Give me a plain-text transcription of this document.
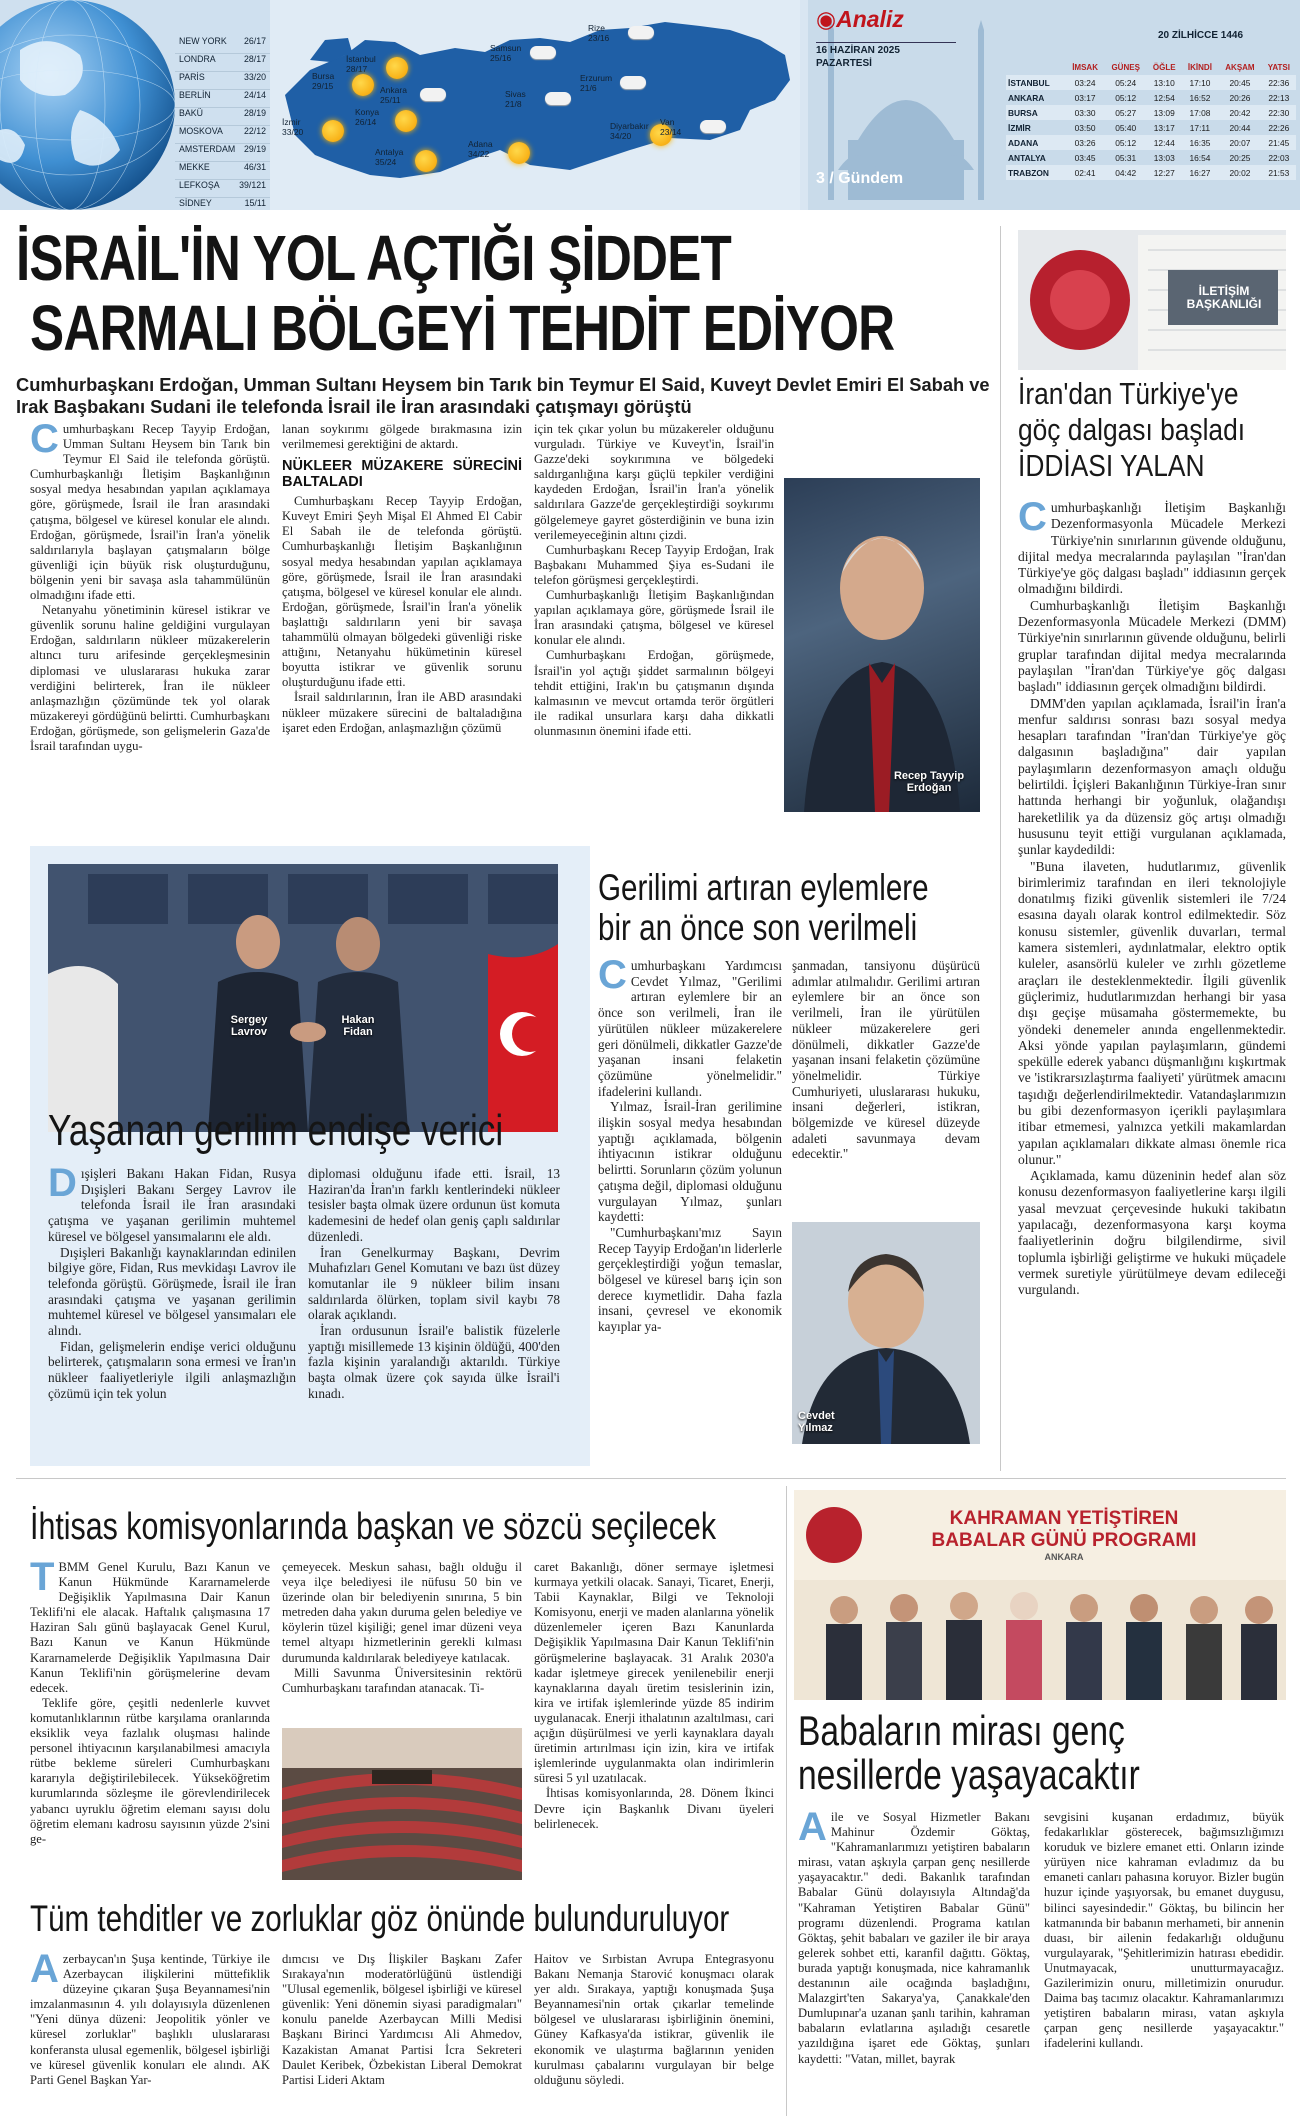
NEW YORK 26/17
LONDRA	28/17
PARİS	33/20
BERLİN	24/14
BAKÜ	28/19
MOSKOVA 22/12
AMSTERDAM 29/19
MEKKE	46/31
LEFKOŞA 39/121
SİDNEY	15/11
İstanbul
28/17
Bursa
29/15	Ankara
25/11
Konya
26/14
İzmir
33/20
Antalya
35/24
Samsun
25/16
Sivas
21/8
Adana
34/22
Rize
23/16
Erzurum
21/6
Diyarbakır
34/20
Van
23/14
◉Analiz
16 HAZİRAN 2025
PAZARTESİ
20 ZİLHİCCE 1446
3 / Gündem
	İMSAK	GÜNEŞ	ÖĞLE	İKİNDİ	AKŞAM	YATSI
İSTANBUL	03:24	05:24	13:10	17:10	20:45	22:36
ANKARA	03:17	05:12	12:54	16:52	20:26	22:13
BURSA	03:30	05:27	13:09	17:08	20:42	22:30
İZMİR	03:50	05:40	13:17	17:11	20:44	22:26
ADANA	03:26	05:12	12:44	16:35	20:07	21:45
ANTALYA	03:45	05:31	13:03	16:54	20:25	22:03
TRABZON	02:41	04:42	12:27	16:27	20:02	21:53
İSRAİL'İN YOL AÇTIĞI ŞİDDET
SARMALI BÖLGEYİ TEHDİT EDİYOR
Cumhurbaşkanı Erdoğan, Umman Sultanı Heysem bin Tarık bin Teymur El Said, Kuveyt Devlet Emiri El Sabah ve Irak Başbakanı Sudani ile telefonda İsrail ile İran arasındaki çatışmayı görüştü

Cumhurbaşkanı Recep Tayyip Erdoğan, Umman Sultanı Heysem bin Tarık bin Teymur El Said ile telefonda görüştü. Cumhurbaşkanlığı İletişim Başkanlığının sosyal medya hesabından yapılan açıklamaya göre, görüşmede, İsrail ile İran arasındaki çatışma, bölgesel ve küresel konular ele alındı. Erdoğan, görüşmede, İsrail'in İran'a yönelik saldırılarıyla başlayan çatışmaların bölge güvenliği için büyük risk oluşturduğunu, bölgenin yeni bir savaşa asla tahammülünün olmadığını ifade etti.

Netanyahu yönetiminin küresel istikrar ve güvenlik sorunu haline geldiğini vurgulayan Erdoğan, saldırıların nükleer müzakerelerin altıncı turu arifesinde gerçekleşmesinin diplomasi ve uluslararası hukuka zarar verdiğini belirterek, İran ile nükleer anlaşmazlığın çözümünde tek yol olarak müzakereyi gördüğünü belirtti. Cumhurbaşkanı Erdoğan, görüşmede, son gelişmelerin Gaza'de İsrail tarafından uygu-

lanan soykırımı gölgede bırakmasına izin verilmemesi gerektiğini de aktardı.

NÜKLEER MÜZAKERE SÜRECİNİ BALTALADI

Cumhurbaşkanı Recep Tayyip Erdoğan, Kuveyt Emiri Şeyh Mişal El Ahmed El Cabir El Sabah ile de telefonda görüştü. Cumhurbaşkanlığı İletişim Başkanlığının sosyal medya hesabından yapılan açıklamaya göre, görüşmede, İsrail ile İran arasındaki çatışma, bölgesel ve küresel konular ele alındı. Erdoğan, görüşmede, İsrail'in İran'a yönelik başlattığı saldırıların yeni bir savaşa tahammülü olmayan bölgedeki güvenliği riske attığını, Netanyahu hükümetinin küresel boyutta istikrar ve güvenlik sorunu oluşturduğunu ifade etti.

İsrail saldırılarının, İran ile ABD arasındaki nükleer müzakere sürecini de baltaladığına işaret eden Erdoğan, anlaşmazlığın çözümü

için tek çıkar yolun bu müzakereler olduğunu vurguladı. Türkiye ve Kuveyt'in, İsrail'in Gazze'deki soykırımına ve bölgedeki saldırganlığına karşı güçlü tepkiler verdiğini kaydeden Erdoğan, İsrail'in İran'a yönelik saldırılara Gazze'de gerçekleştirdiği soykırımı gölgelemeye gayret gösterdiğinin ve buna izin verilemeyeceğinin altını çizdi.

Cumhurbaşkanı Recep Tayyip Erdoğan, Irak Başbakanı Muhammed Şiya es-Sudani ile telefon görüşmesi gerçekleştirdi.

Cumhurbaşkanlığı İletişim Başkanlığından yapılan açıklamaya göre, görüşmede İsrail ile İran arasındaki çatışma, bölgesel ve küresel konular ele alındı.

Cumhurbaşkanı Erdoğan, görüşmede, İsrail'in yol açtığı şiddet sarmalının bölgeyi tehdit ettiğini, Irak'ın bu çatışmanın dışında kalmasının ve mevcut ortamda terör örgütleri ile radikal unsurlara karşı daha dikkatli olunmasının önemini ifade etti.

Recep Tayyip Erdoğan
İLETİŞİM BAŞKANLIĞI
İran'dan Türkiye'ye
göç dalgası başladı
İDDİASI YALAN

Cumhurbaşkanlığı İletişim Başkanlığı Dezenformasyonla Mücadele Merkezi Türkiye'nin sınırlarının güvende olduğunu, dijital medya mecralarında paylaşılan "İran'dan Türkiye'ye göç dalgası başladı" iddiasının gerçek olmadığını bildirdi.

Cumhurbaşkanlığı İletişim Başkanlığı Dezenformasyonla Mücadele Merkezi (DMM) Türkiye'nin sınırlarının güvende olduğunu, belirli gruplar tarafından dijital medya mecralarında paylaşılan "İran'dan Türkiye'ye göç dalgası başladı" iddiasının gerçek olmadığını bildirdi.

DMM'den yapılan açıklamada, İsrail'in İran'a menfur saldırısı sonrası bazı sosyal medya hesapları tarafından "İran'dan Türkiye'ye göç dalgasının başladığına" dair yapılan paylaşımların dezenformasyon amaçlı olduğu belirtildi. İçişleri Bakanlığının Türkiye-İran sınır hattında herhangi bir yoğunluk, olağandışı hareketlilik ya da düzensiz göç artışı olmadığı hususunu teyit ettiği vurgulanan açıklamada, şunlar kaydedildi:

"Buna ilaveten, hudutlarımız, güvenlik birimlerimiz tarafından en ileri teknolojiyle donatılmış fiziki güvenlik sistemleri ile 7/24 esasına dayalı olarak kontrol edilmektedir. Söz konusu sistemler, güvenlik duvarları, termal kamera sistemleri, aydınlatmalar, elektro optik kuleler, asansörlü kuleler ve zırhlı gözetleme araçları ile desteklenmektedir. İlgili güvenlik güçlerimiz, hudutlarımızdan herhangi bir yasa dışı geçişe müsamaha göstermemekte, bu yöndeki denemeler anında engellenmektedir. Aksi yönde yapılan paylaşımların, gündemi spekülle ederek yabancı düşmanlığını kışkırtmak ve 'istikrarsızlaştırma faaliyeti' yürütmek amacını taşıdığı değerlendirilmektedir. Vatandaşlarımızın bu gibi dezenformasyon içerikli paylaşımlara itibar etmemesi, yalnızca yetkili makamlardan yapılan açıklamaları dikkate alması önemle rica olunur."

Açıklamada, kamu düzeninin hedef alan söz konusu dezenformasyon faaliyetlerine karşı ilgili yasal mevzuat çerçevesinde hukuki takibatın yapılacağı, dezenformasyona karşı koyma faaliyetlerinin doğru bilgilendirme, sivil toplumla işbirliği geliştirme ve hukuki müçadele vermek suretiyle yürütülmeye devam edileceği vurgulandı.

Sergey Lavrov
Hakan Fidan
Yaşanan gerilim endişe verici

Dışişleri Bakanı Hakan Fidan, Rusya Dışişleri Bakanı Sergey Lavrov ile telefonda İsrail ile İran arasındaki çatışma ve yaşanan gerilimin muhtemel küresel ve bölgesel yansımalarını ele aldı.

Dışişleri Bakanlığı kaynaklarından edinilen bilgiye göre, Fidan, Rus mevkidaşı Lavrov ile telefonda görüştü. Görüşmede, İsrail ile İran arasındaki çatışma ve yaşanan gerilimin muhtemel küresel ve bölgesel yansımaları ele alındı.

Fidan, gelişmelerin endişe verici olduğunu belirterek, çatışmaların sona ermesi ve İran'ın nükleer faaliyetleriyle ilgili anlaşmazlığın çözümü için tek yolun

diplomasi olduğunu ifade etti. İsrail, 13 Haziran'da İran'ın farklı kentlerindeki nükleer tesisler başta olmak üzere ordunun üst komuta kademesini de hedef olan geniş çaplı saldırılar düzenledi.

İran Genelkurmay Başkanı, Devrim Muhafızları Genel Komutanı ve bazı üst düzey komutanlar ile 9 nükleer bilim insanı saldırılarda ölürken, toplam sivil kaybı 78 olarak açıklandı.

İran ordusunun İsrail'e balistik füzelerle yaptığı misillemede 13 kişinin öldüğü, 400'den fazla kişinin yaralandığı aktarıldı. Türkiye başta olmak üzere çok sayıda ülke İsrail'i kınadı.

Gerilimi artıran eylemlere
bir an önce son verilmeli

Cumhurbaşkanı Yardımcısı Cevdet Yılmaz, "Gerilimi artıran eylemlere bir an önce son verilmeli, İran ile yürütülen nükleer müzakerelere geri dönülmeli, dikkatler Gazze'de yaşanan insani felaketin çözümüne yönelmelidir." ifadelerini kullandı.

Yılmaz, İsrail-İran gerilimine ilişkin sosyal medya hesabından yaptığı açıklamada, bölgenin ihtiyacının istikrar olduğunu belirtti. Sorunların çözüm yolunun çatışma değil, diplomasi olduğunu vurgulayan Yılmaz, şunları kaydetti:

"Cumhurbaşkanı'mız Sayın Recep Tayyip Erdoğan'ın liderlerle gerçekleştirdiği yoğun temaslar, bölgesel ve küresel barış için son derece kıymetlidir. Daha fazla insani, çevresel ve ekonomik kayıplar ya-

şanmadan, tansiyonu düşürücü adımlar atılmalıdır. Gerilimi artıran eylemlere bir an önce son verilmeli, İran ile yürütülen nükleer müzakerelere geri dönülmeli, dikkatler Gazze'de yaşanan insani felaketin çözümüne yönelmelidir. Türkiye Cumhuriyeti, uluslararası hukuku, insani değerleri, istikran, bölgemizde ve küresel düzeyde adaleti savunmaya devam edecektir."

Cevdet Yılmaz
İhtisas komisyonlarında başkan ve sözcü seçilecek

TBMM Genel Kurulu, Bazı Kanun ve Kanun Hükmünde Kararnamelerde Değişiklik Yapılmasına Dair Kanun Teklifi'ni ele alacak. Haftalık çalışmasına 17 Haziran Salı günü başlayacak Genel Kurul, Bazı Kanun ve Kanun Hükmünde Kararnamelerde Değişiklik Yapılmasına Dair Kanun Teklifi'nin görüşmelerine devam edecek.

Teklife göre, çeşitli nedenlerle kuvvet komutanlıklarının rütbe karşılama oranlarında eksiklik veya fazlalık oluşması halinde personel ihtiyacının karşılanabilmesi amacıyla rütbe bekleme süreleri Cumhurbaşkanı kararıyla değiştirilebilecek. Yükseköğretim kurumlarında sözleşme ile görevlendirilecek yabancı uyruklu öğretim elemanı sayısı dolu öğretim elemanı kadrosu sayısının yüzde 2'sini ge-

çemeyecek. Meskun sahası, bağlı olduğu il veya ilçe belediyesi ile nüfusu 50 bin ve üzerinde olan bir belediyenin sınırına, 5 bin metreden daha yakın duruma gelen belediye ve köylerin tüzel kişiliği; genel imar düzeni veya temel altyapı hizmetlerinin gerekli kılması durumunda kaldırılarak belediyeye katılacak.

Milli Savunma Üniversitesinin rektörü Cumhurbaşkanı tarafından atanacak. Ti-

caret Bakanlığı, döner sermaye işletmesi kurmaya yetkili olacak. Sanayi, Ticaret, Enerji, Tabii Kaynaklar, Bilgi ve Teknoloji Komisyonu, enerji ve maden alanlarına yönelik düzenlemeler içeren Bazı Kanunlarda Değişiklik Yapılmasına Dair Kanun Teklifi'nin görüşmelerine başlayacak. 31 Aralık 2030'a kadar işletmeye girecek yenilenebilir enerji kaynaklarına dayalı üretim tesislerinin izin, kira ve irtifak işlemlerinde yüzde 85 indirim uygulanacak. Enerji ithalatının azaltılması, cari açığın düşürülmesi ve yerli kaynaklara dayalı üretimin artırılması için izin, kira ve irtifak işlemlerinde uygulanmakta olan indirimlerin süresi 5 yıl uzatılacak.

İhtisas komisyonlarında, 28. Dönem İkinci Devre için Başkanlık Divanı üyeleri belirlenecek.

Tüm tehditler ve zorluklar göz önünde bulunduruluyor

Azerbaycan'ın Şuşa kentinde, Türkiye ile Azerbaycan ilişkilerini müttefiklik düzeyine çıkaran Şuşa Beyannamesi'nin imzalanmasının 4. yılı dolayısıyla düzenlenen "Yeni dünya düzeni: Jeopolitik yönler ve küresel zorluklar" başlıklı uluslararası konferansta ulusal egemenlik, bölgesel işbirliği ve küresel güvenlik konuları ele alındı. AK Parti Genel Başkan Yar-

dımcısı ve Dış İlişkiler Başkanı Zafer Sırakaya'nın moderatörlüğünü üstlendiği "Ulusal egemenlik, bölgesel işbirliği ve küresel güvenlik: Yeni dönemin siyasi paradigmaları" konulu panelde Azerbaycan Milli Medisi Başkanı Birinci Yardımcısı Ali Ahmedov, Kazakistan Amanat Partisi İcra Sekreteri Daulet Keribek, Özbekistan Liberal Demokrat Partisi Lideri Aktam

Haitov ve Sırbistan Avrupa Entegrasyonu Bakanı Nemanja Starović konuşmacı olarak yer aldı. Sırakaya, yaptığı konuşmada Şuşa Beyannamesi'nin ortak çıkarlar temelinde bölgesel ve uluslararası işbirliğinin önemini, Güney Kafkasya'da istikrar, güvenlik ile ekonomik ve ulaştırma bağlarının yeniden kurulması çabalarını vurgulayan bir belge olduğunu söyledi.

KAHRAMAN YETİŞTİREN
BABALAR GÜNÜ PROGRAMI
ANKARA
Babaların mirası genç
nesillerde yaşayacaktır

Aile ve Sosyal Hizmetler Bakanı Mahinur Özdemir Göktaş, "Kahramanlarımızı yetiştiren babaların mirası, vatan aşkıyla çarpan genç nesillerde yaşayacaktır." dedi. Bakanlık tarafından Babalar Günü dolayısıyla Altındağ'da "Kahraman Yetiştiren Babalar Günü" programı düzenlendi. Programa katılan Göktaş, şehit babaları ve gaziler ile bir araya gelerek sohbet etti, karanfil dağıttı. Göktaş, burada yaptığı konuşmada, nice kahramanlık destanının aile ocağında başladığını, Malazgirt'ten Sakarya'ya, Çanakkale'den Dumlupınar'a uzanan şanlı tarihin, kahraman babaların evlatlarına aşıladığı cesaretle yazıldığına işaret ede Göktaş, şunları kaydetti: "Vatan, millet, bayrak

sevgisini kuşanan erdadımız, büyük fedakarlıklar gösterecek, bağımsızlığımızı koruduk ve bizlere emanet etti. Onların izinde yürüyen nice kahraman evladımız da bu emaneti canları pahasına koruyor. Bizler bugün huzur içinde yaşıyorsak, bu emanet duygusu, bilinci sayesindedir." Göktaş, bu bilincin her katmanında bir babanın merhameti, bir annenin duası, bir ailenin fedakarlığı olduğunu vurgulayarak, "Şehitlerimizin hatırası ebedidir. Unutmayacak, unutturmayacağız. Gazilerimizin onuru, milletimizin onurudur. Daima baş tacımız olacaktır. Kahramanlarımızı yetiştiren babaların mirası, vatan aşkıyla çarpan genç nesillerde yaşayacaktır." ifadelerini kullandı.
